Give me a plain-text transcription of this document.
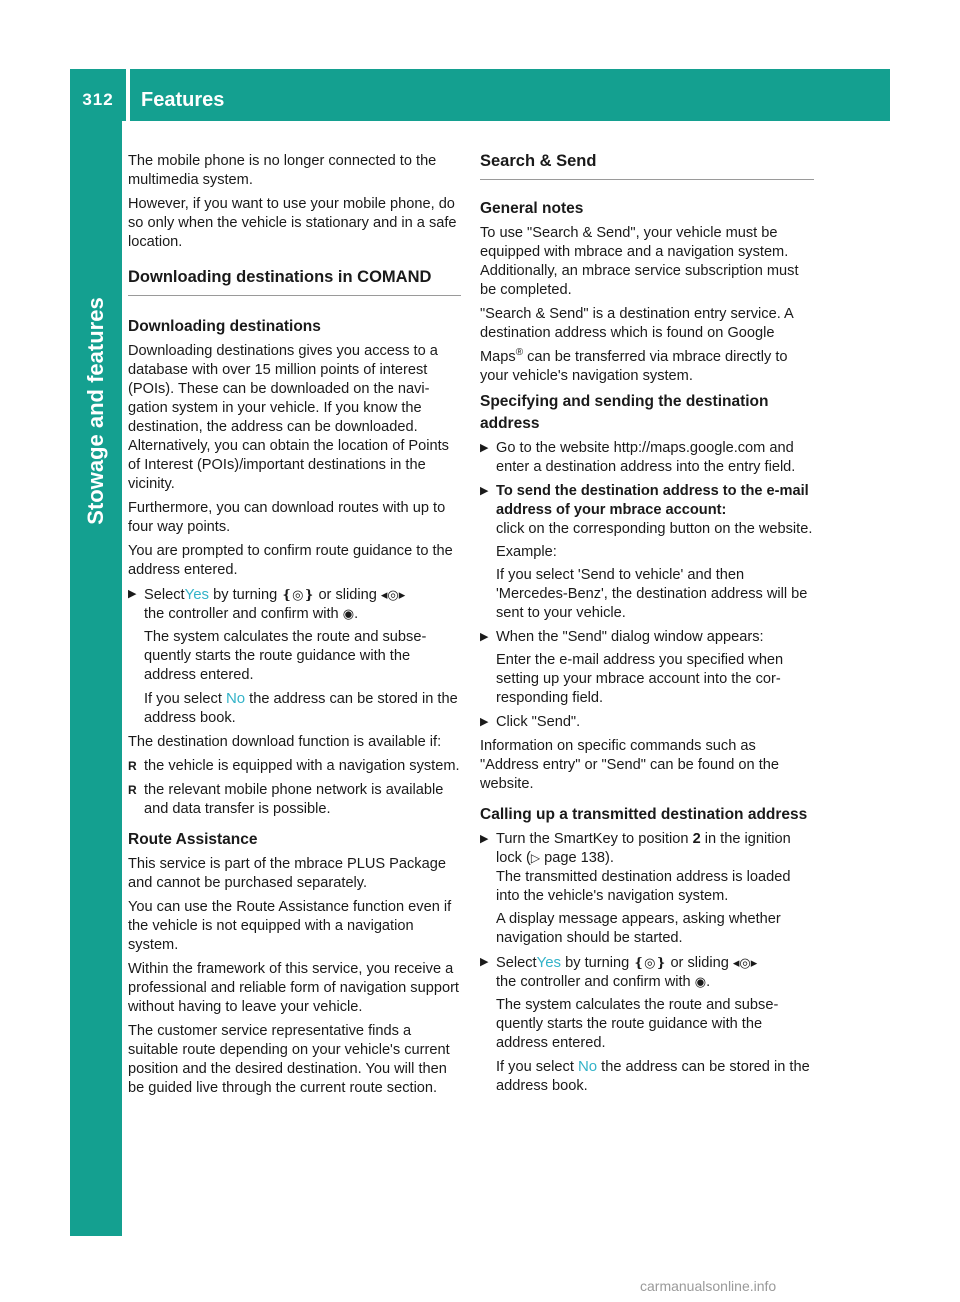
312	Features
Stowage and features

The mobile phone is no longer connected to the multimedia system.

However, if you want to use your mobile phone, do so only when the vehicle is stationary and in a safe location.

Downloading destinations in COMAND
Downloading destinations

Downloading destinations gives you access to a database with over 15 million points of interest (POIs). These can be downloaded on the navigation system in your vehicle. If you know the destination, the address can be downloaded. Alternatively, you can obtain the location of Points of Interest (POIs)/important destinations in the vicinity.

Furthermore, you can download routes with up to four way points.

You are prompted to confirm route guidance to the address entered.

▶ SelectYes by turning ❴◎❵ or sliding ◂◎▸
the controller and confirm with ◉.

The system calculates the route and subsequently starts the route guidance with the address entered.

If you select No the address can be stored in the address book.

The destination download function is available if:

R the vehicle is equipped with a navigation system.
R the relevant mobile phone network is available and data transfer is possible.
Route Assistance

This service is part of the mbrace PLUS Package and cannot be purchased separately.

You can use the Route Assistance function even if the vehicle is not equipped with a navigation system.

Within the framework of this service, you receive a professional and reliable form of navigation support without having to leave your vehicle.

The customer service representative finds a suitable route depending on your vehicle's current position and the desired destination. You will then be guided live through the current route section.

Search & Send
General notes

To use "Search & Send", your vehicle must be equipped with mbrace and a navigation system. Additionally, an mbrace service subscription must be completed.

"Search & Send" is a destination entry service. A destination address which is found on Google Maps® can be transferred via mbrace directly to your vehicle's navigation system.

Specifying and sending the destination address
▶ Go to the website http://maps.google.com and enter a destination address into the entry field.

▶ To send the destination address to the e-mail address of your mbrace account:

click on the corresponding button on the website.

Example:

If you select 'Send to vehicle' and then 'Mercedes-Benz', the destination address will be sent to your vehicle.

▶ When the "Send" dialog window appears:

Enter the e-mail address you specified when setting up your mbrace account into the corresponding field.

▶ Click "Send".

Information on specific commands such as "Address entry" or "Send" can be found on the website.

Calling up a transmitted destination address
▶ Turn the SmartKey to position 2 in the ignition lock (▷ page 138).
The transmitted destination address is loaded into the vehicle's navigation system.

A display message appears, asking whether navigation should be started.

▶ SelectYes by turning ❴◎❵ or sliding ◂◎▸
the controller and confirm with ◉.

The system calculates the route and subsequently starts the route guidance with the address entered.

If you select No the address can be stored in the address book.

carmanualsonline.info
